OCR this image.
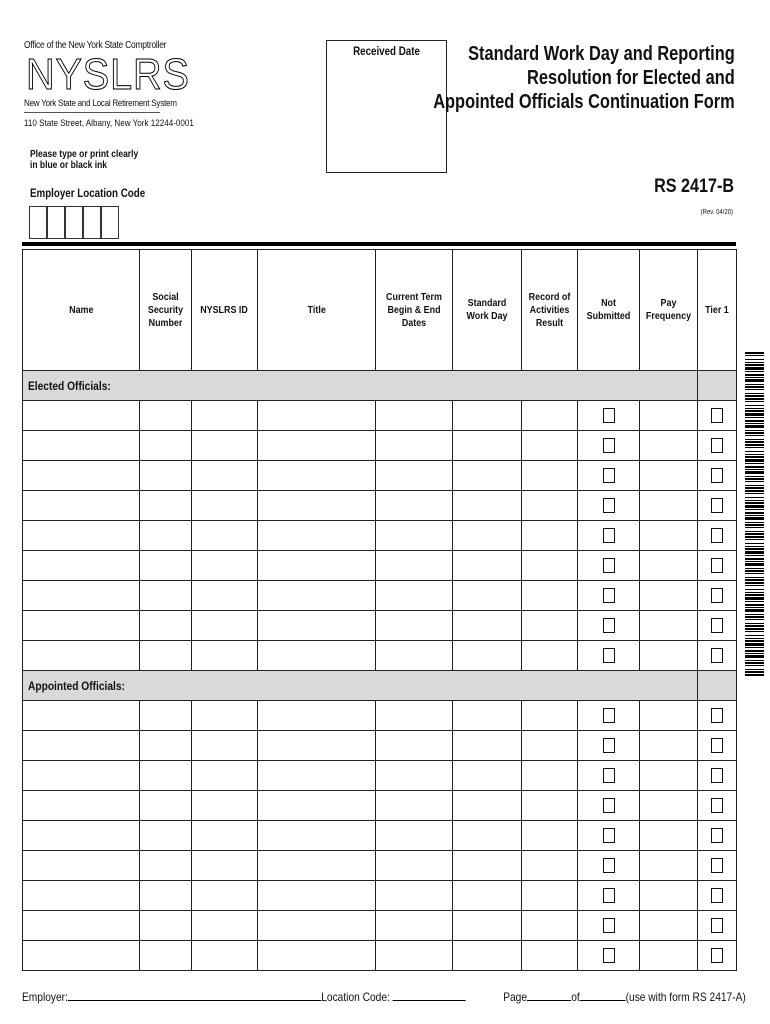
Office of the New York State Comptroller
NYSLRS
New York State and Local Retirement System
110 State Street, Albany, New York 12244-0001
Please type or print clearly
in blue or black ink
Employer Location Code
Received Date	Standard Work Day and Reporting
Resolution for Elected and
Appointed Officials Continuation Form
RS 2417-B
(Rev. 04/20)
Name	Social Security Number	NYSLRS ID	Title	Current Term Begin & End Dates	Standard Work Day	Record of Activities Result	Not Submitted	Pay Frequency	Tier 1
Elected Officials:									

Appointed Officials:									

Employer:	Location Code:	Page	of	(use with form RS 2417-A)
